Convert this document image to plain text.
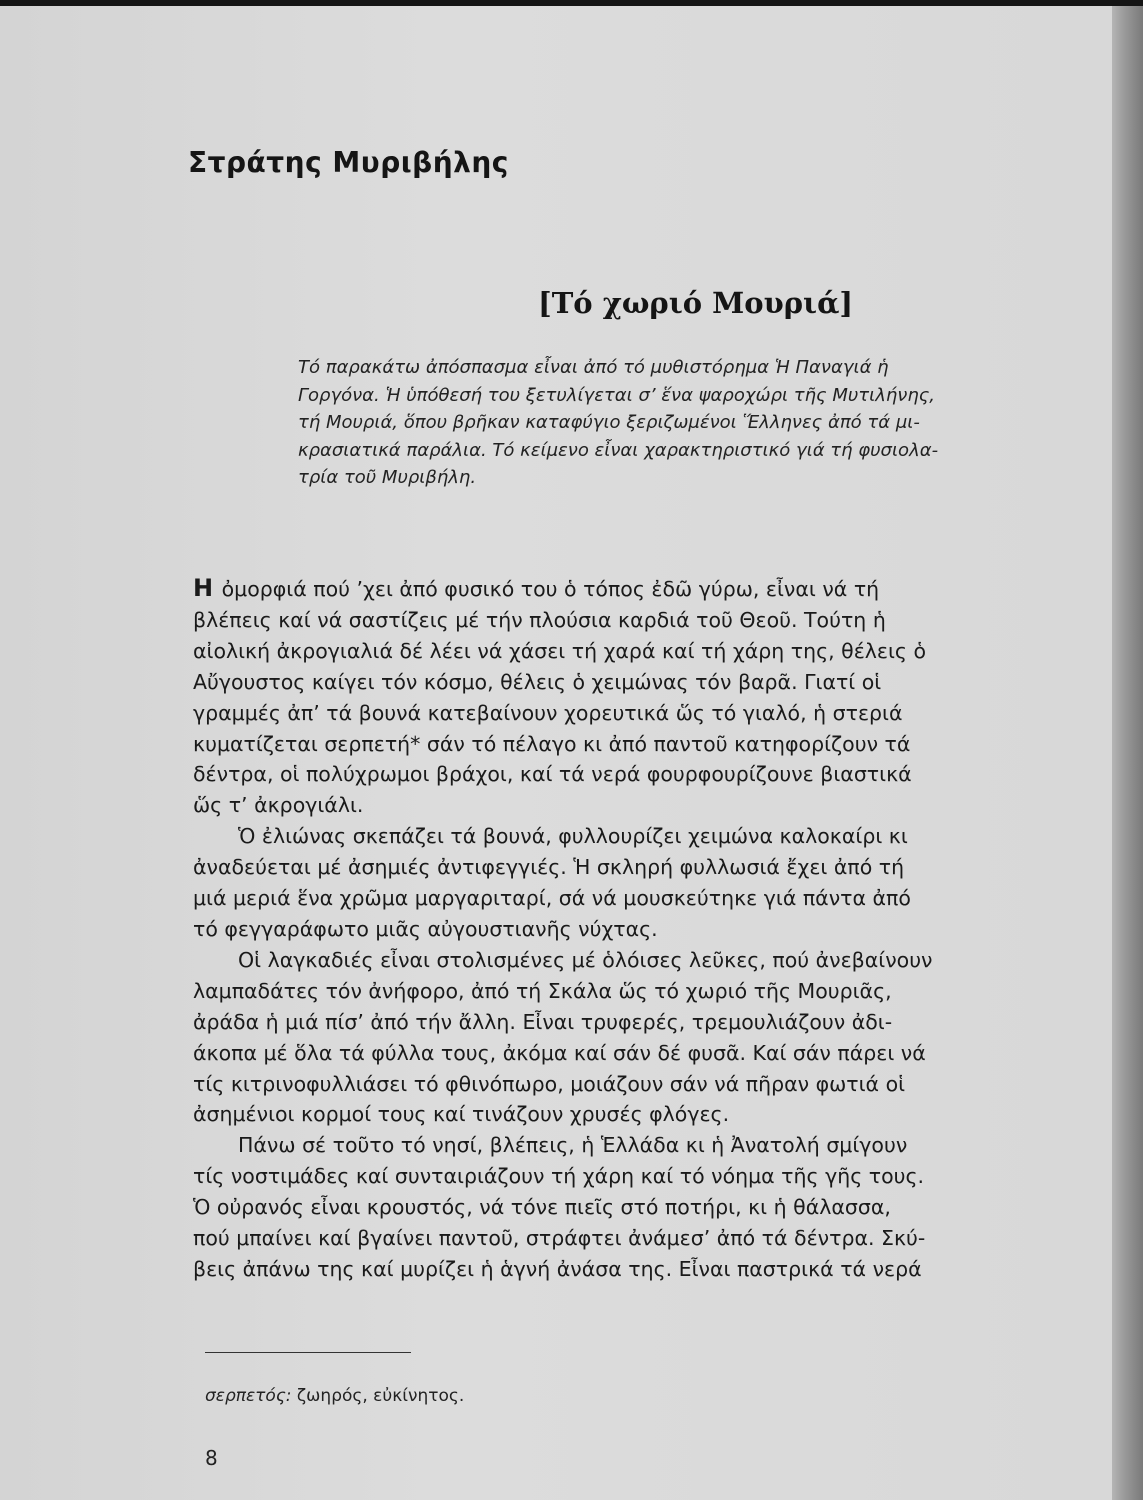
Στράτης Μυριβήλης
[Τό χωριό Μουριά]
Τό παρακάτω ἀπόσπασμα εἶναι ἀπό τό μυθιστόρημα Ἡ Παναγιά ἡ
Γοργόνα. Ἡ ὑπόθεσή του ξετυλίγεται σ’ ἕνα ψαροχώρι τῆς Μυτιλήνης,
τή Μουριά, ὅπου βρῆκαν καταφύγιο ξεριζωμένοι Ἕλληνες ἀπό τά μι-
κρασιατικά παράλια. Τό κείμενο εἶναι χαρακτηριστικό γιά τή φυσιολα-
τρία τοῦ Μυριβήλη.
Η ὀμορφιά πού ’χει ἀπό φυσικό του ὁ τόπος ἐδῶ γύρω, εἶναι νά τή
βλέπεις καί νά σαστίζεις μέ τήν πλούσια καρδιά τοῦ Θεοῦ. Τούτη ἡ
αἰολική ἀκρογιαλιά δέ λέει νά χάσει τή χαρά καί τή χάρη της, θέλεις ὁ
Αὔγουστος καίγει τόν κόσμο, θέλεις ὁ χειμώνας τόν βαρᾶ. Γιατί οἱ
γραμμές ἀπ’ τά βουνά κατεβαίνουν χορευτικά ὥς τό γιαλό, ἡ στεριά
κυματίζεται σερπετή* σάν τό πέλαγο κι ἀπό παντοῦ κατηφορίζουν τά
δέντρα, οἱ πολύχρωμοι βράχοι, καί τά νερά φουρφουρίζουνε βιαστικά
ὥς τ’ ἀκρογιάλι.
Ὁ ἐλιώνας σκεπάζει τά βουνά, φυλλουρίζει χειμώνα καλοκαίρι κι
ἀναδεύεται μέ ἀσημιές ἀντιφεγγιές. Ἡ σκληρή φυλλωσιά ἔχει ἀπό τή
μιά μεριά ἕνα χρῶμα μαργαριταρί, σά νά μουσκεύτηκε γιά πάντα ἀπό
τό φεγγαράφωτο μιᾶς αὐγουστιανῆς νύχτας.
Οἱ λαγκαδιές εἶναι στολισμένες μέ ὁλόισες λεῦκες, πού ἀνεβαίνουν
λαμπαδάτες τόν ἀνήφορο, ἀπό τή Σκάλα ὥς τό χωριό τῆς Μουριᾶς,
ἀράδα ἡ μιά πίσ’ ἀπό τήν ἄλλη. Εἶναι τρυφερές, τρεμουλιάζουν ἀδι-
άκοπα μέ ὅλα τά φύλλα τους, ἀκόμα καί σάν δέ φυσᾶ. Καί σάν πάρει νά
τίς κιτρινοφυλλιάσει τό φθινόπωρο, μοιάζουν σάν νά πῆραν φωτιά οἱ
ἀσημένιοι κορμοί τους καί τινάζουν χρυσές φλόγες.
Πάνω σέ τοῦτο τό νησί, βλέπεις, ἡ Ἑλλάδα κι ἡ Ἀνατολή σμίγουν
τίς νοστιμάδες καί συνταιριάζουν τή χάρη καί τό νόημα τῆς γῆς τους.
Ὁ οὐρανός εἶναι κρουστός, νά τόνε πιεῖς στό ποτήρι, κι ἡ θάλασσα,
πού μπαίνει καί βγαίνει παντοῦ, στράφτει ἀνάμεσ’ ἀπό τά δέντρα. Σκύ-
βεις ἀπάνω της καί μυρίζει ἡ ἁγνή ἀνάσα της. Εἶναι παστρικά τά νερά
σερπετός: ζωηρός, εὐκίνητος.
8
